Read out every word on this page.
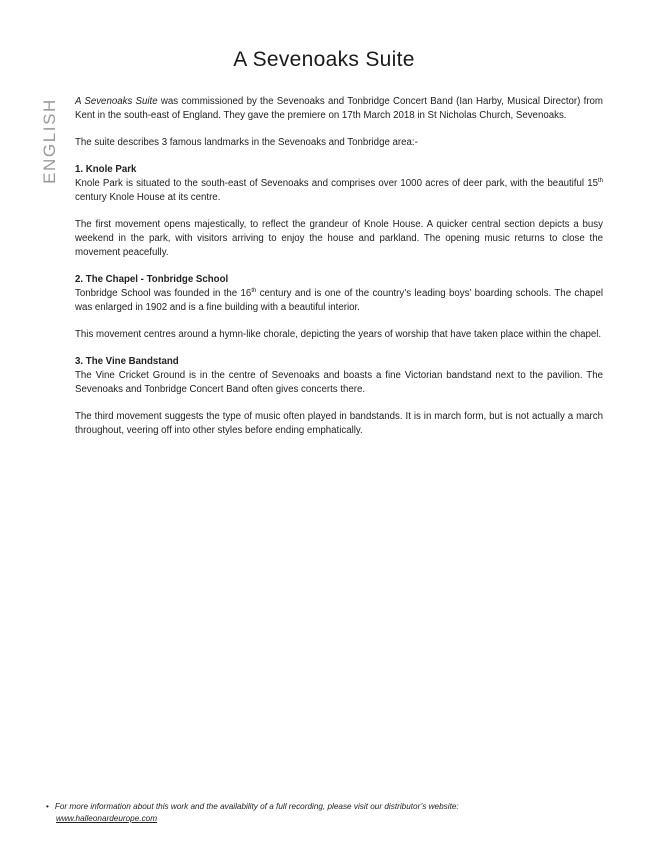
A Sevenoaks Suite
ENGLISH A Sevenoaks Suite was commissioned by the Sevenoaks and Tonbridge Concert Band (Ian Harby, Musical Director) from Kent in the south-east of England. They gave the premiere on 17th March 2018 in St Nicholas Church, Sevenoaks.

The suite describes 3 famous landmarks in the Sevenoaks and Tonbridge area:-

1. Knole Park

Knole Park is situated to the south-east of Sevenoaks and comprises over 1000 acres of deer park, with the beautiful 15th century Knole House at its centre.

The first movement opens majestically, to reflect the grandeur of Knole House. A quicker central section depicts a busy weekend in the park, with visitors arriving to enjoy the house and parkland. The opening music returns to close the movement peacefully.

2. The Chapel - Tonbridge School

Tonbridge School was founded in the 16th century and is one of the country’s leading boys’ boarding schools. The chapel was enlarged in 1902 and is a fine building with a beautiful interior.

This movement centres around a hymn-like chorale, depicting the years of worship that have taken place within the chapel.

3. The Vine Bandstand

The Vine Cricket Ground is in the centre of Sevenoaks and boasts a fine Victorian bandstand next to the pavilion. The Sevenoaks and Tonbridge Concert Band often gives concerts there.

The third movement suggests the type of music often played in bandstands. It is in march form, but is not actually a march throughout, veering off into other styles before ending emphatically.

• For more information about this work and the availability of a full recording, please visit our distributor’s website:
www.halleonardeurope.com
